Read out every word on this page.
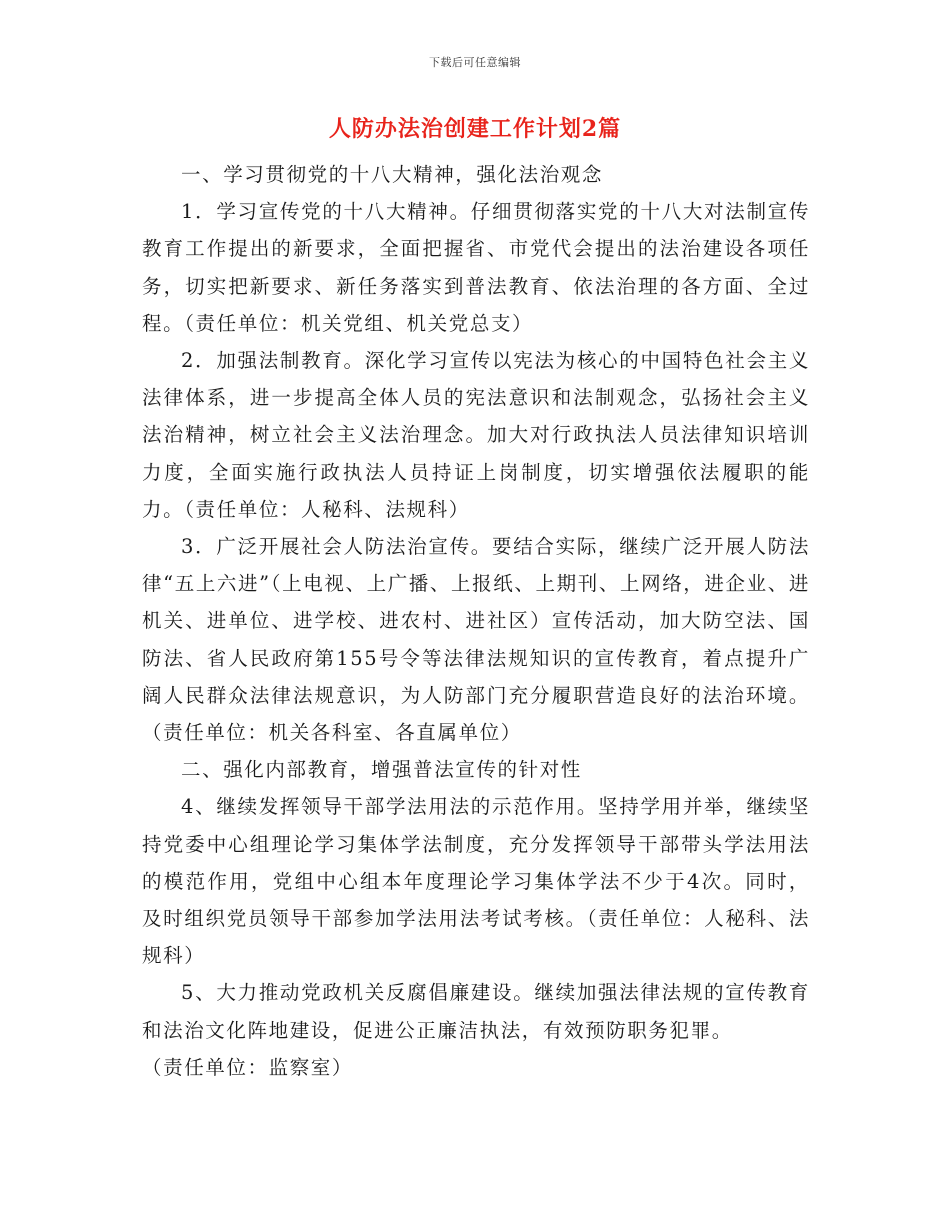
下载后可任意编辑
人防办法治创建工作计划2篇

一、学习贯彻党的十八大精神，强化法治观念

1．学习宣传党的十八大精神。仔细贯彻落实党的十八大对法制宣传教育工作提出的新要求，全面把握省、市党代会提出的法治建设各项任务，切实把新要求、新任务落实到普法教育、依法治理的各方面、全过程。（责任单位：机关党组、机关党总支）

2．加强法制教育。深化学习宣传以宪法为核心的中国特色社会主义法律体系，进一步提高全体人员的宪法意识和法制观念，弘扬社会主义法治精神，树立社会主义法治理念。加大对行政执法人员法律知识培训力度，全面实施行政执法人员持证上岗制度，切实增强依法履职的能力。（责任单位：人秘科、法规科）

3．广泛开展社会人防法治宣传。要结合实际，继续广泛开展人防法律“五上六进”（上电视、上广播、上报纸、上期刊、上网络，进企业、进机关、进单位、进学校、进农村、进社区）宣传活动，加大防空法、国防法、省人民政府第155号令等法律法规知识的宣传教育，着点提升广阔人民群众法律法规意识，为人防部门充分履职营造良好的法治环境。（责任单位：机关各科室、各直属单位）

二、强化内部教育，增强普法宣传的针对性

4、继续发挥领导干部学法用法的示范作用。坚持学用并举，继续坚持党委中心组理论学习集体学法制度，充分发挥领导干部带头学法用法的模范作用，党组中心组本年度理论学习集体学法不少于4次。同时，及时组织党员领导干部参加学法用法考试考核。（责任单位：人秘科、法规科）

5、大力推动党政机关反腐倡廉建设。继续加强法律法规的宣传教育和法治文化阵地建设，促进公正廉洁执法，有效预防职务犯罪。

（责任单位：监察室）
